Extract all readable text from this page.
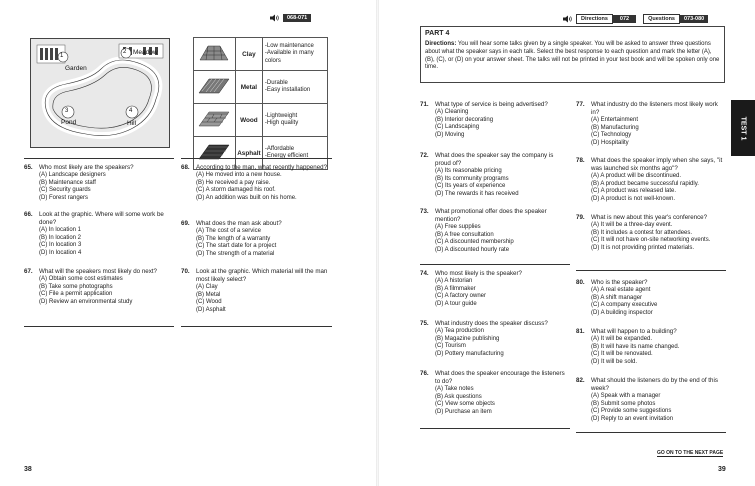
068-071
1
Garden
2 Meadow
3
Pond
4
Hill
	Clay	-Low maintenance
-Available in many colors

	Metal	-Durable
-Easy installation

	Wood	-Lightweight
-High quality

	Asphalt	-Affordable
-Energy efficient
65.	Who most likely are the speakers?
(A) Landscape designers
(B) Maintenance staff
(C) Security guards
(D) Forest rangers
66.	Look at the graphic. Where will some work be done?
(A) In location 1
(B) In location 2
(C) In location 3
(D) In location 4
67.	What will the speakers most likely do next?
(A) Obtain some cost estimates
(B) Take some photographs
(C) File a permit application
(D) Review an environmental study
68.	According to the man, what recently happened?
(A) He moved into a new house.
(B) He received a pay raise.
(C) A storm damaged his roof.
(D) An addition was built on his home.
69.	What does the man ask about?
(A) The cost of a service
(B) The length of a warranty
(C) The start date for a project
(D) The strength of a material
70.	Look at the graphic. Which material will the man most likely select?
(A) Clay
(B) Metal
(C) Wood
(D) Asphalt
38
Directions	072	Questions	073-080
PART 4
Directions: You will hear some talks given by a single speaker. You will be asked to answer three questions about what the speaker says in each talk. Select the best response to each question and mark the letter (A), (B), (C), or (D) on your answer sheet. The talks will not be printed in your test book and will be spoken only one time.
TEST 1
71.	What type of service is being advertised?
(A) Cleaning
(B) Interior decorating
(C) Landscaping
(D) Moving
72.	What does the speaker say the company is proud of?
(A) Its reasonable pricing
(B) Its community programs
(C) Its years of experience
(D) The rewards it has received
73.	What promotional offer does the speaker mention?
(A) Free supplies
(B) A free consultation
(C) A discounted membership
(D) A discounted hourly rate
74.	Who most likely is the speaker?
(A) A historian
(B) A filmmaker
(C) A factory owner
(D) A tour guide
75.	What industry does the speaker discuss?
(A) Tea production
(B) Magazine publishing
(C) Tourism
(D) Pottery manufacturing
76.	What does the speaker encourage the listeners to do?
(A) Take notes
(B) Ask questions
(C) View some objects
(D) Purchase an item
77.	What industry do the listeners most likely work in?
(A) Entertainment
(B) Manufacturing
(C) Technology
(D) Hospitality
78.	What does the speaker imply when she says, "it was launched six months ago"?
(A) A product will be discontinued.
(B) A product became successful rapidly.
(C) A product was released late.
(D) A product is not well-known.
79.	What is new about this year's conference?
(A) It will be a three-day event.
(B) It includes a contest for attendees.
(C) It will not have on-site networking events.
(D) It is not providing printed materials.
80.	Who is the speaker?
(A) A real estate agent
(B) A shift manager
(C) A company executive
(D) A building inspector
81.	What will happen to a building?
(A) It will be expanded.
(B) It will have its name changed.
(C) It will be renovated.
(D) It will be sold.
82.	What should the listeners do by the end of this week?
(A) Speak with a manager
(B) Submit some photos
(C) Provide some suggestions
(D) Reply to an event invitation
GO ON TO THE NEXT PAGE
39
